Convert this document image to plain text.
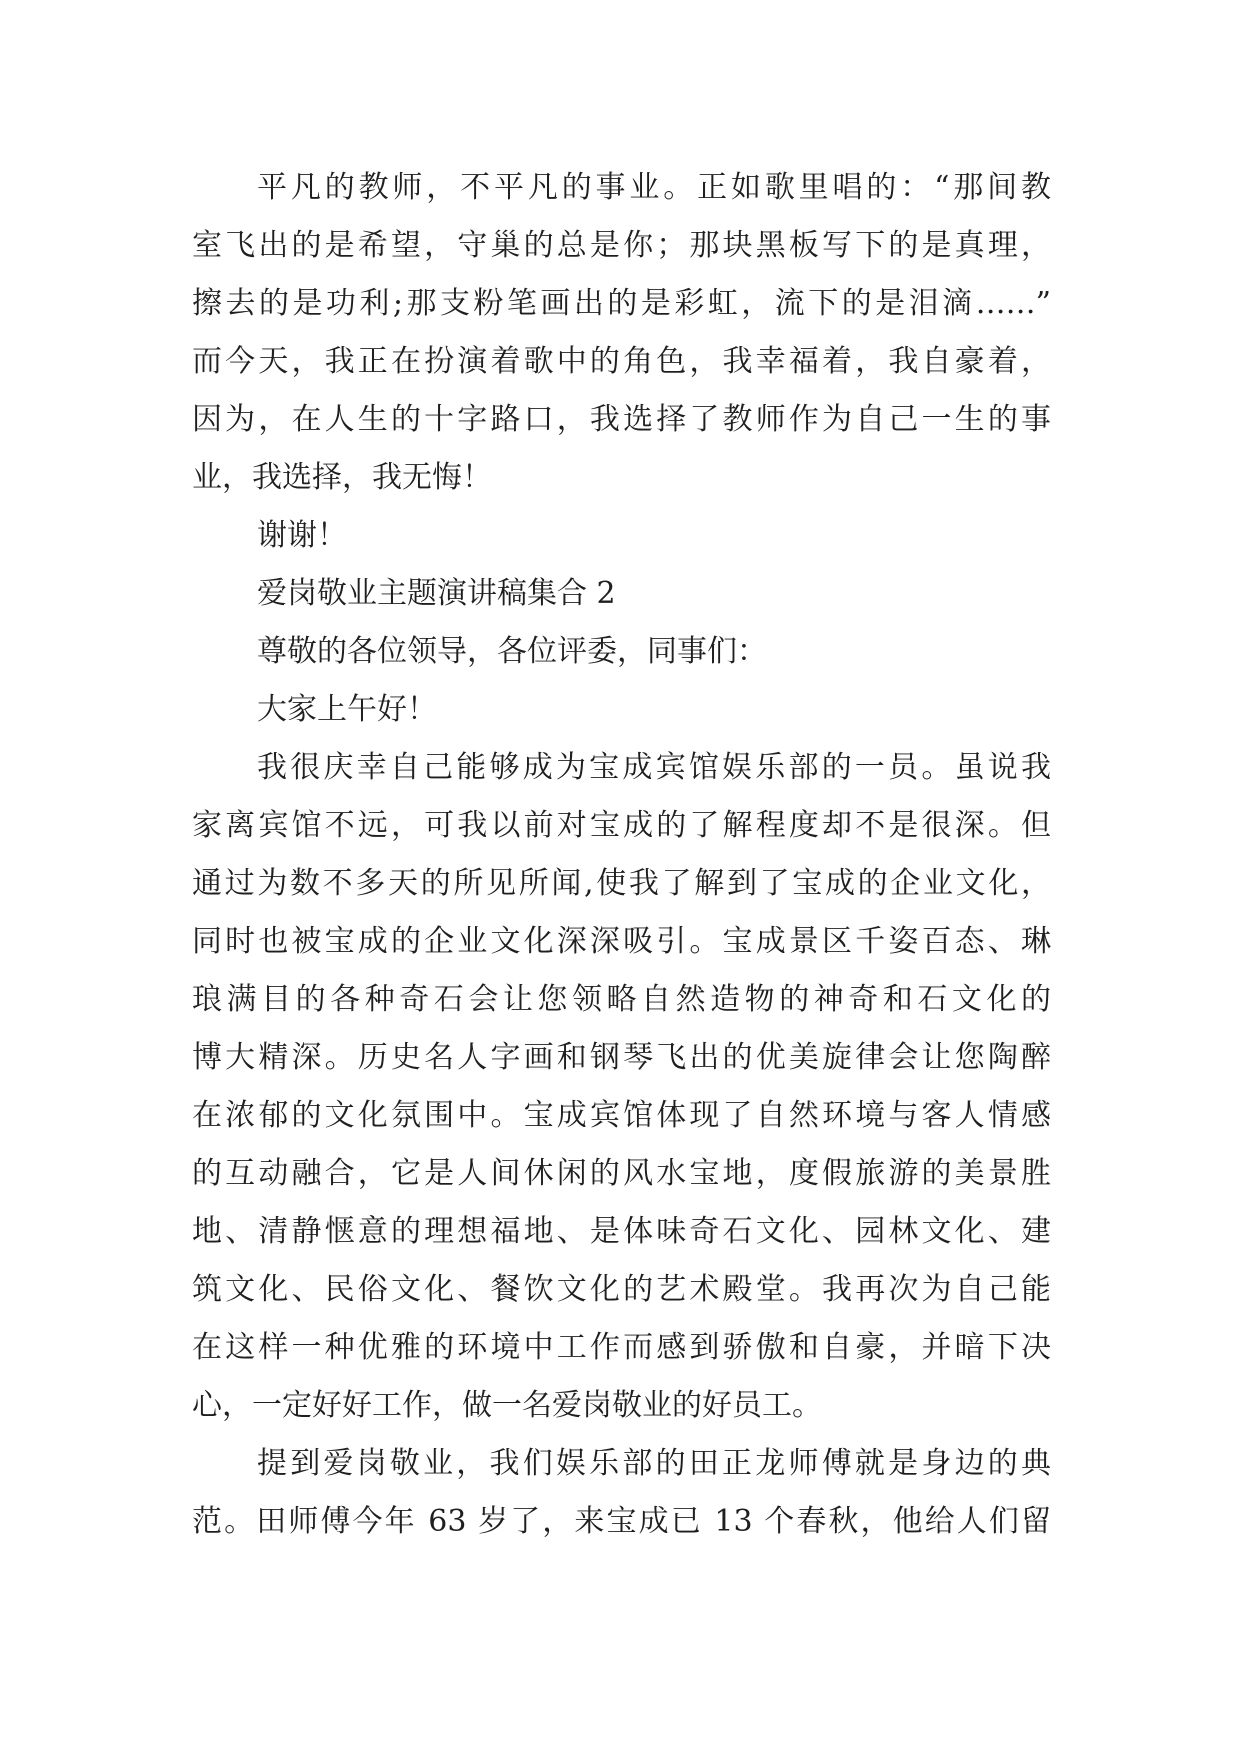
平凡的教师，不平凡的事业。正如歌里唱的：“那间教
室飞出的是希望，守巢的总是你；那块黑板写下的是真理，
擦去的是功利;那支粉笔画出的是彩虹，流下的是泪滴……”
而今天，我正在扮演着歌中的角色，我幸福着，我自豪着，
因为，在人生的十字路口，我选择了教师作为自己一生的事
业，我选择，我无悔！
谢谢！
爱岗敬业主题演讲稿集合 2
尊敬的各位领导，各位评委，同事们：
大家上午好！
我很庆幸自己能够成为宝成宾馆娱乐部的一员。虽说我
家离宾馆不远，可我以前对宝成的了解程度却不是很深。但
通过为数不多天的所见所闻,使我了解到了宝成的企业文化，
同时也被宝成的企业文化深深吸引。宝成景区千姿百态、琳
琅满目的各种奇石会让您领略自然造物的神奇和石文化的
博大精深。历史名人字画和钢琴飞出的优美旋律会让您陶醉
在浓郁的文化氛围中。宝成宾馆体现了自然环境与客人情感
的互动融合，它是人间休闲的风水宝地，度假旅游的美景胜
地、清静惬意的理想福地、是体味奇石文化、园林文化、建
筑文化、民俗文化、餐饮文化的艺术殿堂。我再次为自己能
在这样一种优雅的环境中工作而感到骄傲和自豪，并暗下决
心，一定好好工作，做一名爱岗敬业的好员工。
提到爱岗敬业，我们娱乐部的田正龙师傅就是身边的典
范。田师傅今年 63 岁了，来宝成已 13 个春秋，他给人们留
